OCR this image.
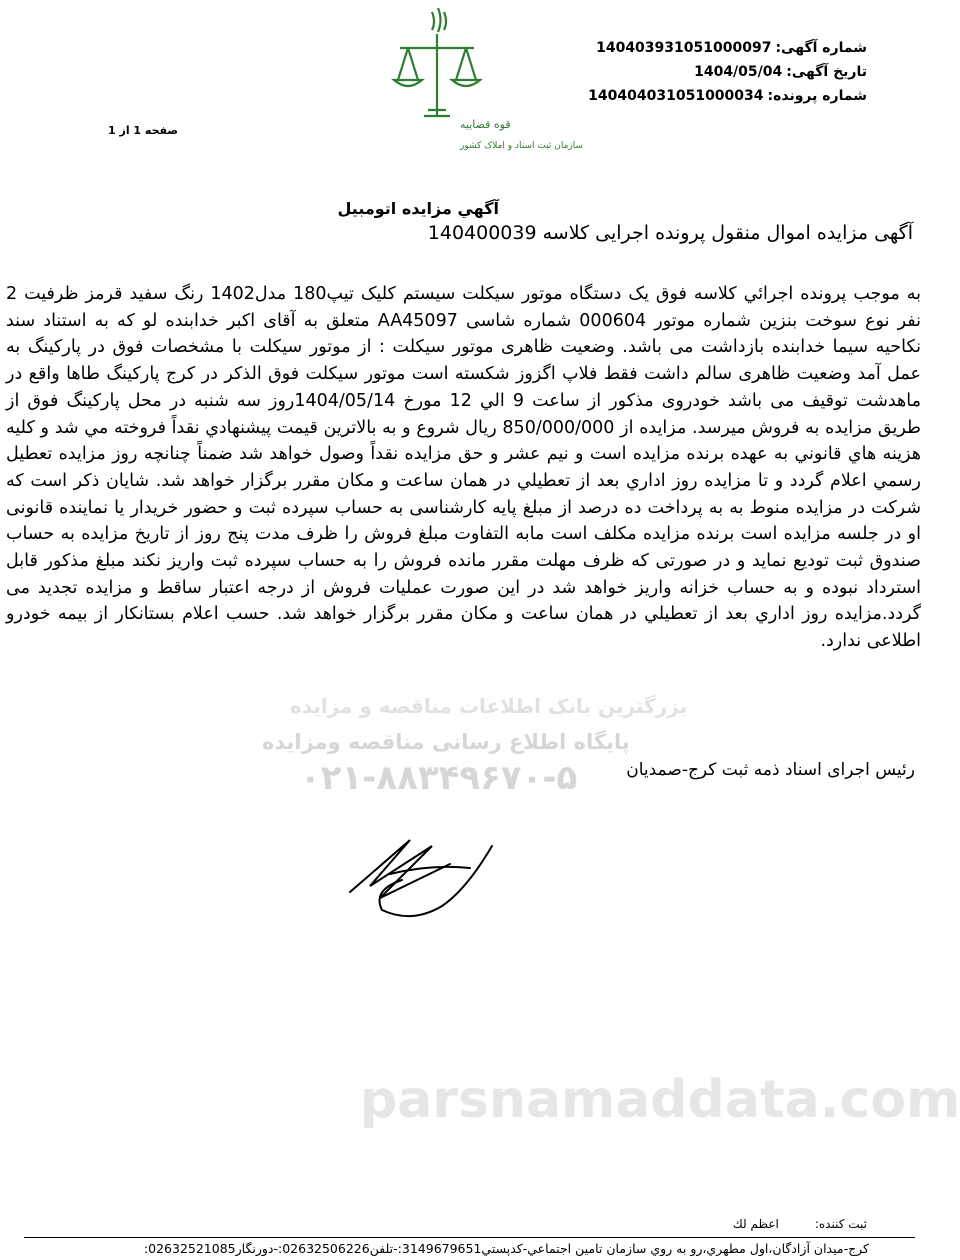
شماره آگهی:140403931051000097
تاریخ آگهی:1404/05/04
شماره پرونده:140404031051000034
صفحه 1 از 1	قوه قضاییه
سازمان ثبت اسناد و املاک کشور
آگهي مزايده اتومبيل
آگهی مزایده اموال منقول پرونده اجرایی کلاسه 140400039
parsnamaddata.com
بزرگترین بانک اطلاعات مناقصه و مزایده
پایگاه اطلاع رسانی مناقصه ومزایده
۰۲۱-۸۸۳۴۹۶۷۰-۵
به موجب پرونده اجرائي كلاسه فوق یک دستگاه موتور سیکلت سیستم کلیک تیپ180 مدل1402 رنگ سفید قرمز ظرفیت 2 نفر نوع سوخت بنزین شماره موتور 000604 شماره شاسی AA45097 متعلق به آقای اکبر خدابنده لو که به استناد سند نکاحیه سیما خدابنده بازداشت می باشد. وضعیت ظاهری موتور سیکلت : از موتور سیکلت با مشخصات فوق در پارکینگ به عمل آمد وضعیت ظاهری سالم داشت فقط فلاپ اگزوز شکسته است موتور سیکلت فوق الذکر در کرج پارکینگ طاها واقع در ماهدشت توقیف می باشد خودروی مذکور از ساعت 9 الي 12 مورخ 1404/05/14روز سه شنبه در محل پارکینگ فوق از طريق مزايده به فروش ميرسد. مزایده از 850/000/000 ريال شروع و به بالاترين قيمت پيشنهادي نقداً فروخته مي شد و كليه هزينه هاي قانوني به عهده برنده مزايده است و نیم عشر و حق مزایده نقداً وصول خواهد شد ضمناً چنانچه روز مزايده تعطيل رسمي اعلام گردد و تا مزايده روز اداري بعد از تعطيلي در همان ساعت و مكان مقرر برگزار خواهد شد. شایان ذکر است که شرکت در مزایده منوط به به پرداخت ده درصد از مبلغ پایه کارشناسی به حساب سپرده ثبت و حضور خریدار یا نماینده قانونی او در جلسه مزایده است برنده مزایده مکلف است مابه التفاوت مبلغ فروش را ظرف مدت پنج روز از تاریخ مزایده به حساب صندوق ثبت تودیع نماید و در صورتی که ظرف مهلت مقرر مانده فروش را به حساب سپرده ثبت واریز نکند مبلغ مذکور قابل استرداد نبوده و به حساب خزانه واریز خواهد شد در این صورت عملیات فروش از درجه اعتبار ساقط و مزایده تجدید می گردد.مزايده روز اداري بعد از تعطيلي در همان ساعت و مكان مقرر برگزار خواهد شد. حسب اعلام بستانکار از بیمه خودرو اطلاعی ندارد.
رئیس اجرای اسناد ذمه ثبت کرج-صمدیان
ثبت کننده:اعظم لك
كرج-ميدان آزادگان،اول مطهري،رو به روي سازمان تامين اجتماعي-كدپستي3149679651:-تلفن02632506226:-دورنگار02632521085:
